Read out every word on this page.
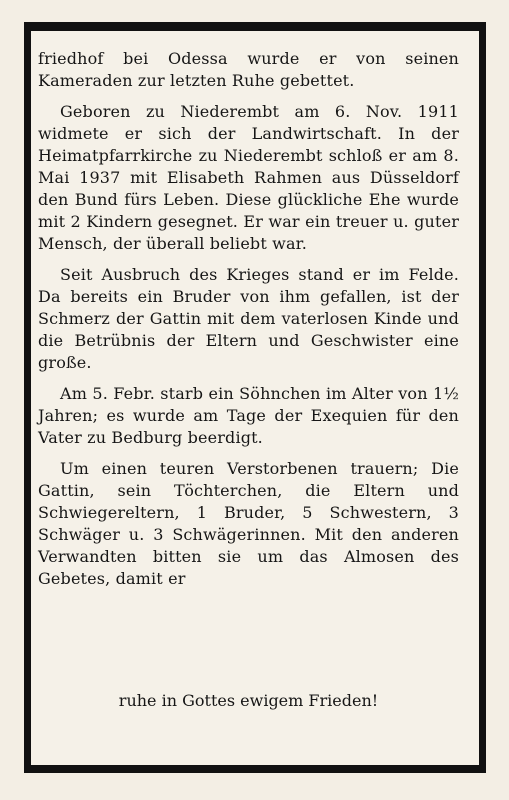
friedhof bei Odessa wurde er von seinen Kameraden zur letzten Ruhe gebettet.

Geboren zu Niederembt am 6. Nov. 1911 widmete er sich der Landwirtschaft. In der Heimatpfarrkirche zu Niederembt schloß er am 8. Mai 1937 mit Elisabeth Rahmen aus Düsseldorf den Bund fürs Leben. Diese glückliche Ehe wurde mit 2 Kindern gesegnet. Er war ein treuer u. guter Mensch, der überall beliebt war.

Seit Ausbruch des Krieges stand er im Felde. Da bereits ein Bruder von ihm gefallen, ist der Schmerz der Gattin mit dem vaterlosen Kinde und die Betrübnis der Eltern und Geschwister eine große.

Am 5. Febr. starb ein Söhnchen im Alter von 1½ Jahren; es wurde am Tage der Exequien für den Vater zu Bedburg beerdigt.

Um einen teuren Verstorbenen trauern; Die Gattin, sein Töchterchen, die Eltern und Schwiegereltern, 1 Bruder, 5 Schwestern, 3 Schwäger u. 3 Schwägerinnen. Mit den anderen Verwandten bitten sie um das Almosen des Gebetes, damit er

ruhe in Gottes ewigem Frieden!
